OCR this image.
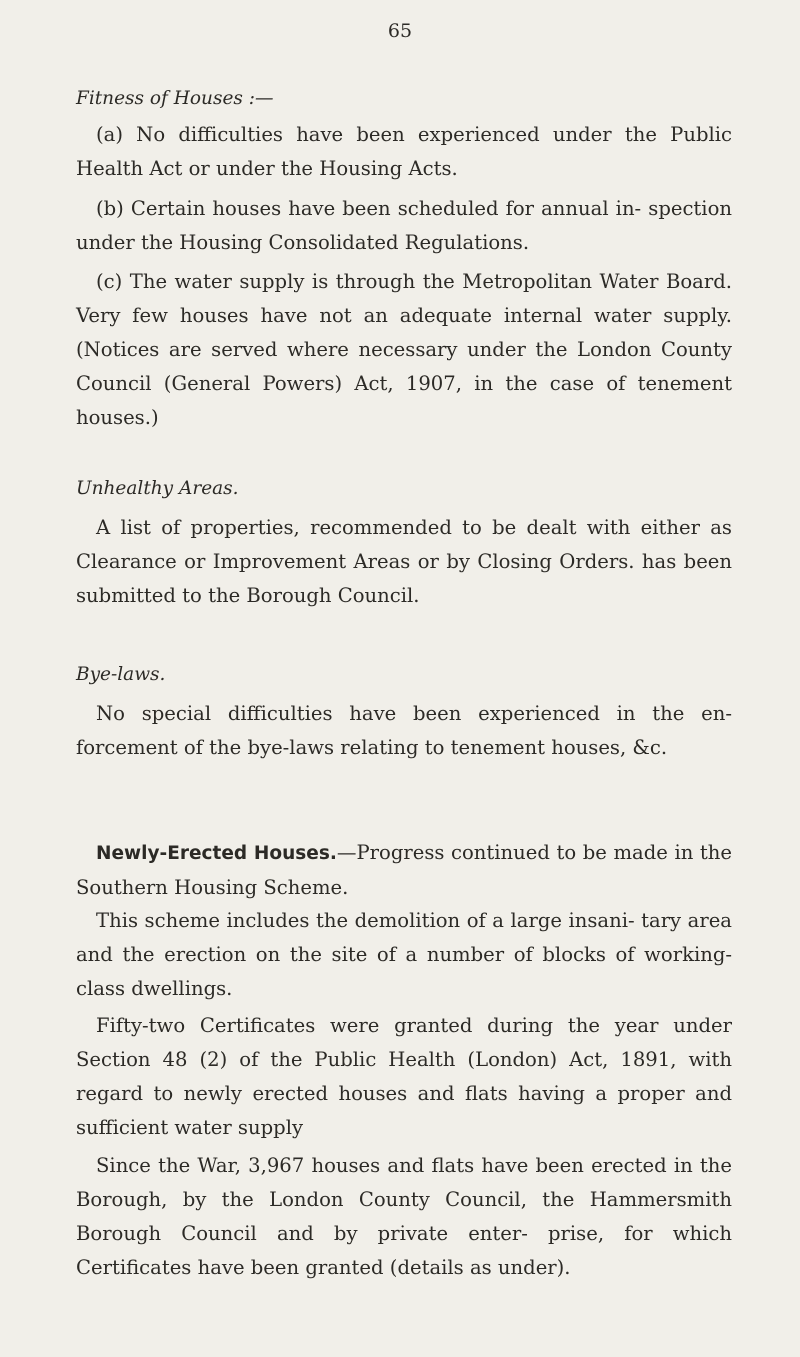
65
Fitness of Houses :—

(a) No difficulties have been experienced under the Public Health Act or under the Housing Acts.

(b) Certain houses have been scheduled for annual in- spection under the Housing Consolidated Regulations.

(c) The water supply is through the Metropolitan Water Board. Very few houses have not an adequate internal water supply. (Notices are served where necessary under the London County Council (General Powers) Act, 1907, in the case of tenement houses.)

Unhealthy Areas.

A list of properties, recommended to be dealt with either as Clearance or Improvement Areas or by Closing Orders. has been submitted to the Borough Council.

Bye-laws.

No special difficulties have been experienced in the en- forcement of the bye-laws relating to tenement houses, &c.

Newly-Erected Houses.—Progress continued to be made in the Southern Housing Scheme.

This scheme includes the demolition of a large insani- tary area and the erection on the site of a number of blocks of working-class dwellings.

Fifty-two Certificates were granted during the year under Section 48 (2) of the Public Health (London) Act, 1891, with regard to newly erected houses and flats having a proper and sufficient water supply

Since the War, 3,967 houses and flats have been erected in the Borough, by the London County Council, the Hammersmith Borough Council and by private enter- prise, for which Certificates have been granted (details as under).
